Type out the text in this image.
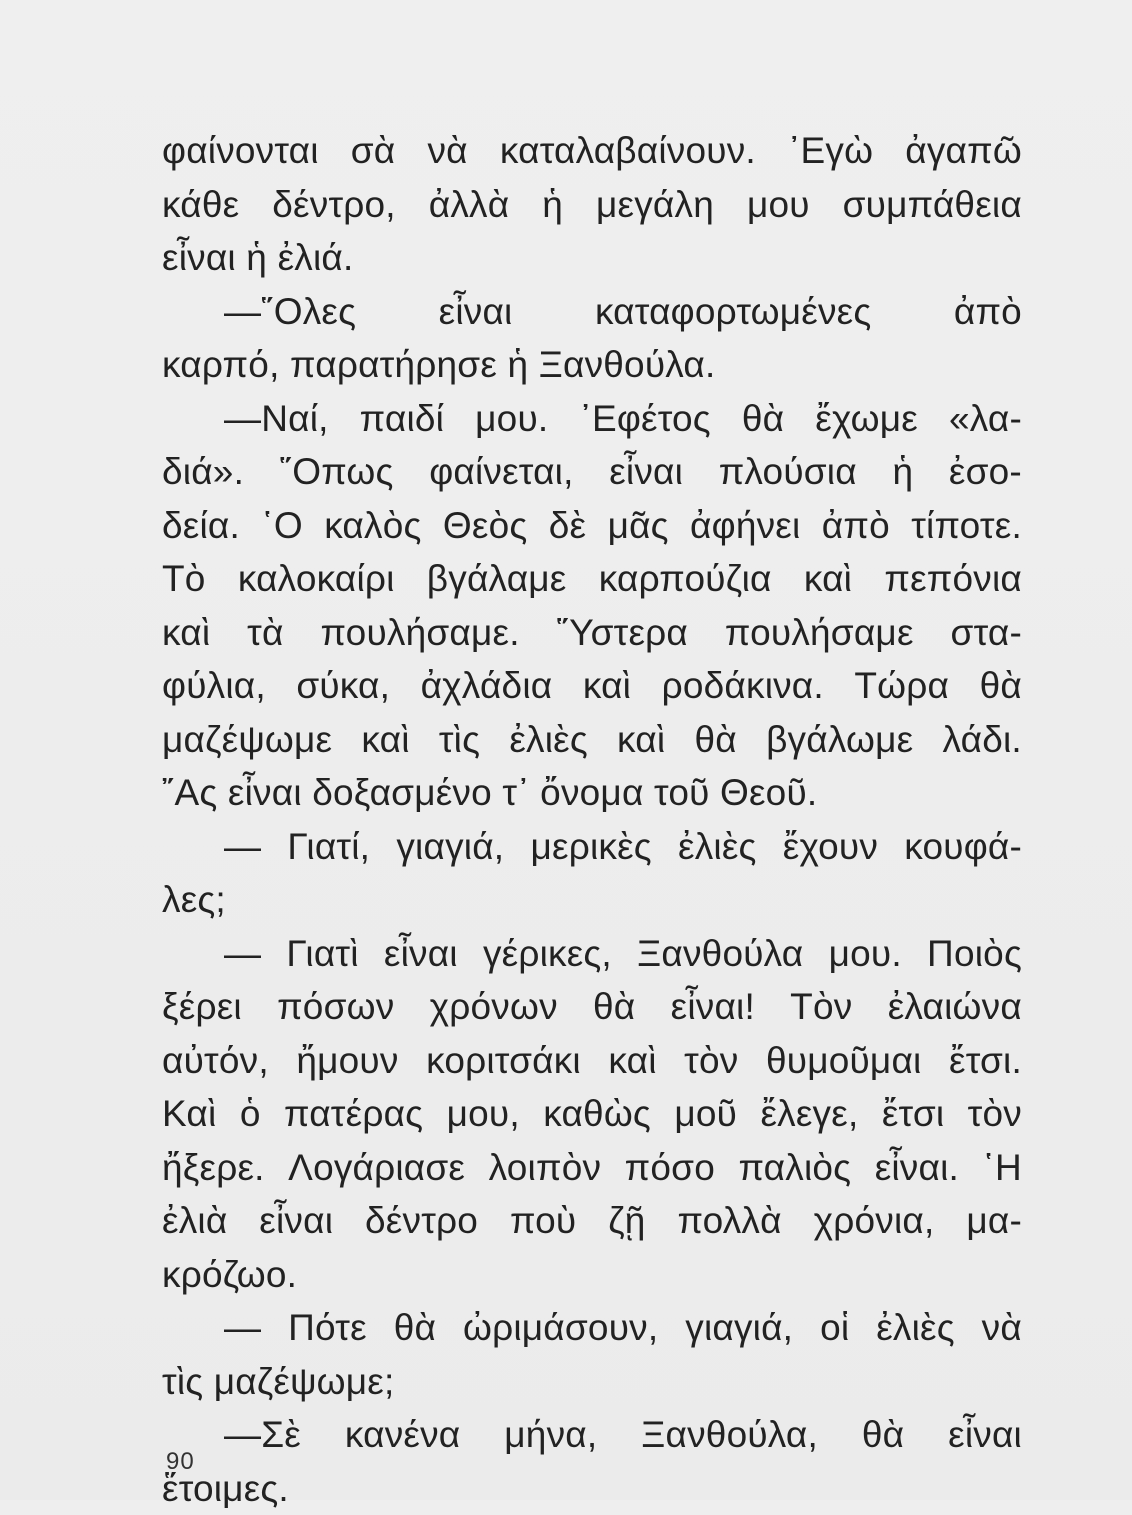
φαίνονται σὰ νὰ καταλαβαίνουν. ᾿Εγὼ ἀγαπῶ
κάθε δέντρο, ἀλλὰ ἡ μεγάλη μου συμπάθεια
εἶναι ἡ ἐλιά.
—῞Ολες εἶναι καταφορτωμένες ἀπὸ
καρπό, παρατήρησε ἡ Ξανθούλα.
—Ναί, παιδί μου. ᾿Εφέτος θὰ ἔχωμε «λα-
διά». ῞Οπως φαίνεται, εἶναι πλούσια ἡ ἐσο-
δεία. ῾Ο καλὸς Θεὸς δὲ μᾶς ἀφήνει ἀπὸ τίποτε.
Τὸ καλοκαίρι βγάλαμε καρπούζια καὶ πεπόνια
καὶ τὰ πουλήσαμε. ῞Υστερα πουλήσαμε στα-
φύλια, σύκα, ἀχλάδια καὶ ροδάκινα. Τώρα θὰ
μαζέψωμε καὶ τὶς ἐλιὲς καὶ θὰ βγάλωμε λάδι.
῎Ας εἶναι δοξασμένο τ᾿ ὄνομα τοῦ Θεοῦ.
— Γιατί, γιαγιά, μερικὲς ἐλιὲς ἔχουν κουφά-
λες;
— Γιατὶ εἶναι γέρικες, Ξανθούλα μου. Ποιὸς
ξέρει πόσων χρόνων θὰ εἶναι! Τὸν ἐλαιώνα
αὐτόν, ἤμουν κοριτσάκι καὶ τὸν θυμοῦμαι ἔτσι.
Καὶ ὁ πατέρας μου, καθὼς μοῦ ἔλεγε, ἔτσι τὸν
ἤξερε. Λογάριασε λοιπὸν πόσο παλιὸς εἶναι. ῾Η
ἐλιὰ εἶναι δέντρο ποὺ ζῇ πολλὰ χρόνια, μα-
κρόζωο.
— Πότε θὰ ὠριμάσουν, γιαγιά, οἱ ἐλιὲς νὰ
τὶς μαζέψωμε;
—Σὲ κανένα μήνα, Ξανθούλα, θὰ εἶναι
ἕτοιμες.
90
